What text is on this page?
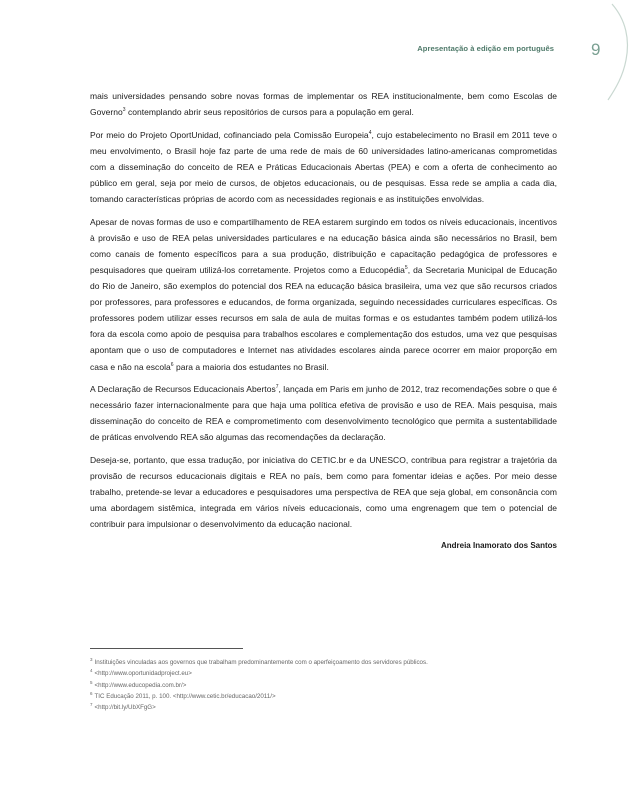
Apresentação à edição em português 9

mais universidades pensando sobre novas formas de implementar os REA institucionalmente, bem como Escolas de Governo$^3$ contemplando abrir seus repositórios de cursos para a população em geral.

Por meio do Projeto OportUnidad, cofinanciado pela Comissão Europeia$^4$, cujo estabelecimento no Brasil em 2011 teve o meu envolvimento, o Brasil hoje faz parte de uma rede de mais de 60 universidades latino-americanas comprometidas com a disseminação do conceito de REA e Práticas Educacionais Abertas (PEA) e com a oferta de conhecimento ao público em geral, seja por meio de cursos, de objetos educacionais, ou de pesquisas. Essa rede se amplia a cada dia, tomando características próprias de acordo com as necessidades regionais e as instituições envolvidas.

Apesar de novas formas de uso e compartilhamento de REA estarem surgindo em todos os níveis educacionais, incentivos à provisão e uso de REA pelas universidades particulares e na educação básica ainda são necessários no Brasil, bem como canais de fomento específicos para a sua produção, distribuição e capacitação pedagógica de professores e pesquisadores que queiram utilizá-los corretamente. Projetos como a Educopédia$^5$, da Secretaria Municipal de Educação do Rio de Janeiro, são exemplos do potencial dos REA na educação básica brasileira, uma vez que são recursos criados por professores, para professores e educandos, de forma organizada, seguindo necessidades curriculares específicas. Os professores podem utilizar esses recursos em sala de aula de muitas formas e os estudantes também podem utilizá-los fora da escola como apoio de pesquisa para trabalhos escolares e complementação dos estudos, uma vez que pesquisas apontam que o uso de computadores e Internet nas atividades escolares ainda parece ocorrer em maior proporção em casa e não na escola$^6$ para a maioria dos estudantes no Brasil.

A Declaração de Recursos Educacionais Abertos$^7$, lançada em Paris em junho de 2012, traz recomendações sobre o que é necessário fazer internacionalmente para que haja uma política efetiva de provisão e uso de REA. Mais pesquisa, mais disseminação do conceito de REA e comprometimento com desenvolvimento tecnológico que permita a sustentabilidade de práticas envolvendo REA são algumas das recomendações da declaração.

Deseja-se, portanto, que essa tradução, por iniciativa do CETIC.br e da UNESCO, contribua para registrar a trajetória da provisão de recursos educacionais digitais e REA no país, bem como para fomentar ideias e ações. Por meio desse trabalho, pretende-se levar a educadores e pesquisadores uma perspectiva de REA que seja global, em consonância com uma abordagem sistêmica, integrada em vários níveis educacionais, como uma engrenagem que tem o potencial de contribuir para impulsionar o desenvolvimento da educação nacional.

Andreia Inamorato dos Santos
$^3$ Instituições vinculadas aos governos que trabalham predominantemente com o aperfeiçoamento dos servidores públicos.
$^4$ <http://www.oportunidadproject.eu>
$^5$ <http://www.educopedia.com.br/>
$^6$ TIC Educação 2011, p. 100. <http://www.cetic.br/educacao/2011/>
$^7$ <http://bit.ly/UbXFgG>
